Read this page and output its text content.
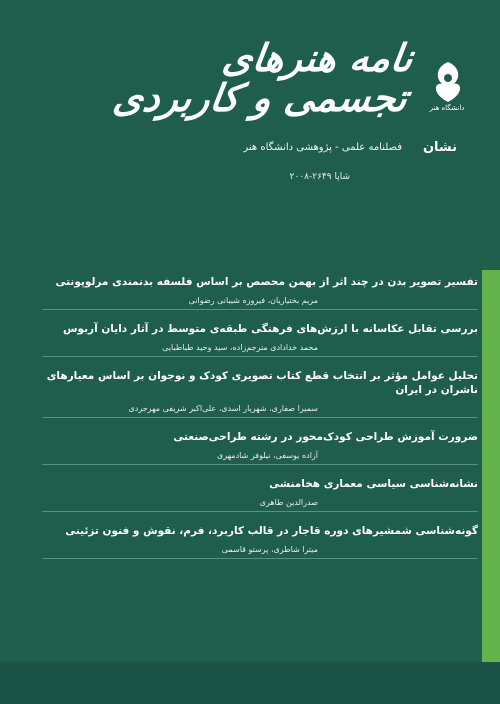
نامه هنرهای تجسمی و کاربردی
فصلنامه علمی - پژوهشی دانشگاه هنر
شاپا ۲۶۴۹-۲۰۰۸
دانشگاه هنر
نشان
تفسیر تصویر بدن در چند اثر از بهمن محصص بر اساس فلسفه بدنمندی مرلوپونتی
مریم بختیاریان، فیروزه شیبانی رضوانی
بررسی تقابل عکاسانه با ارزش‌های فرهنگی طبقه‌ی متوسط در آثار دایان آربوس
محمد خدادادی مترجم‌زاده، سید وحید طباطبایی
تحلیل عوامل مؤثر بر انتخاب قطع کتاب تصویری کودک و نوجوان بر اساس معیارهای ناشران در ایران
سمیرا صفاری، شهریار اسدی، علی‌اکبر شریفی مهرجردی
ضرورت آموزش طراحی کودک‌محور در رشته طراحی‌صنعتی
آزاده یوسفی، نیلوفر شادمهری
نشانه‌شناسی سیاسی معماری هخامنشی
صدرالدین طاهری
گونه‌شناسی شمشیرهای دوره قاجار در قالب کاربرد، فرم، نقوش و فنون تزئینی
میترا شاطری، پرستو قاسمی
